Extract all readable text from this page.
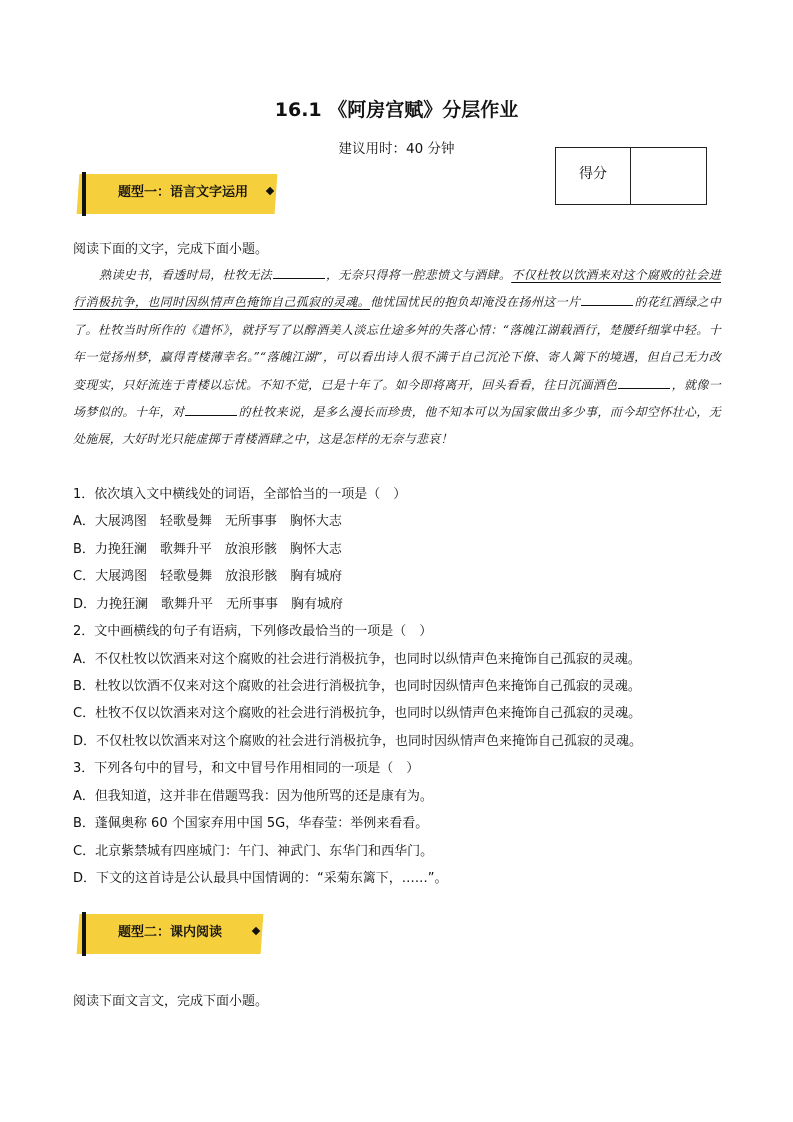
16.1 《阿房宫赋》分层作业
建议用时：40 分钟
得分
题型一：语言文字运用
阅读下面的文字，完成下面小题。
熟读史书，看透时局，杜牧无法	，无奈只得将一腔悲愤文与酒肆。不仅杜牧以饮酒来对这个腐败的社会进行消极抗争，也同时因纵情声色掩饰自己孤寂的灵魂。他忧国忧民的抱负却淹没在扬州这一片	的花红酒绿之中了。杜牧当时所作的《遣怀》，就抒写了以醇酒美人淡忘仕途多舛的失落心情：“落魄江湖载酒行，楚腰纤细掌中轻。十年一觉扬州梦，赢得青楼薄幸名。”“落魄江湖”，可以看出诗人很不满于自己沉沦下僚、寄人篱下的境遇，但自己无力改变现实，只好流连于青楼以忘忧。不知不觉，已是十年了。如今即将离开，回头看看，往日沉湎酒色	，就像一场梦似的。十年，对	的杜牧来说，是多么漫长而珍贵，他不知本可以为国家做出多少事，而今却空怀壮心，无处施展，大好时光只能虚掷于青楼酒肆之中，这是怎样的无奈与悲哀！
1．依次填入文中横线处的词语，全部恰当的一项是（　）
A．大展鸿图　轻歌曼舞　无所事事　胸怀大志
B．力挽狂澜　歌舞升平　放浪形骸　胸怀大志
C．大展鸿图　轻歌曼舞　放浪形骸　胸有城府
D．力挽狂澜　歌舞升平　无所事事　胸有城府
2．文中画横线的句子有语病，下列修改最恰当的一项是（　）
A．不仅杜牧以饮酒来对这个腐败的社会进行消极抗争，也同时以纵情声色来掩饰自己孤寂的灵魂。
B．杜牧以饮酒不仅来对这个腐败的社会进行消极抗争，也同时因纵情声色来掩饰自己孤寂的灵魂。
C．杜牧不仅以饮酒来对这个腐败的社会进行消极抗争，也同时以纵情声色来掩饰自己孤寂的灵魂。
D．不仅杜牧以饮酒来对这个腐败的社会进行消极抗争，也同时因纵情声色来掩饰自己孤寂的灵魂。
3．下列各句中的冒号，和文中冒号作用相同的一项是（　）
A．但我知道，这并非在借题骂我：因为他所骂的还是康有为。
B．蓬佩奥称 60 个国家弃用中国 5G，华春莹：举例来看看。
C．北京紫禁城有四座城门：午门、神武门、东华门和西华门。
D．下文的这首诗是公认最具中国情调的：“采菊东篱下，……”。
题型二：课内阅读
阅读下面文言文，完成下面小题。
